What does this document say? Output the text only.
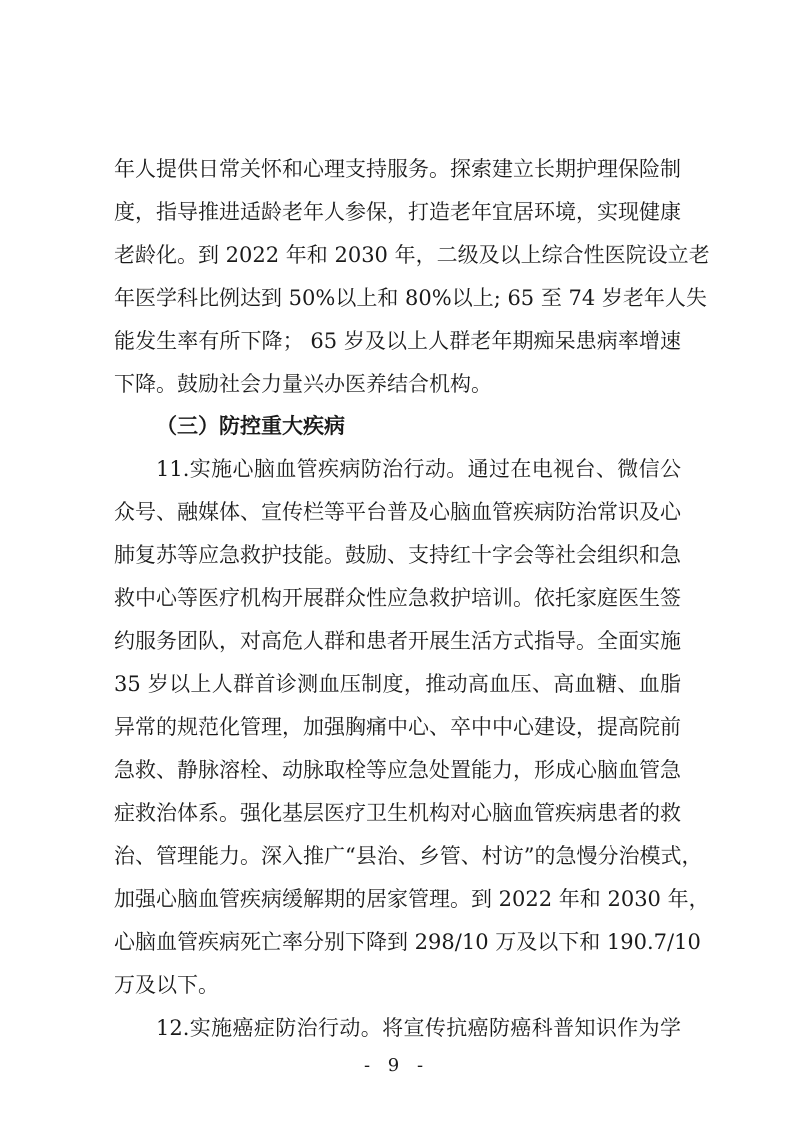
年人提供日常关怀和心理支持服务。探索建立长期护理保险制
度，指导推进适龄老年人参保，打造老年宜居环境，实现健康
老龄化。到 2022 年和 2030 年，二级及以上综合性医院设立老
年医学科比例达到 50%以上和 80%以上; 65 至 74 岁老年人失
能发生率有所下降； 65 岁及以上人群老年期痴呆患病率增速
下降。鼓励社会力量兴办医养结合机构。
（三）防控重大疾病
11.实施心脑血管疾病防治行动。通过在电视台、微信公
众号、融媒体、宣传栏等平台普及心脑血管疾病防治常识及心
肺复苏等应急救护技能。鼓励、支持红十字会等社会组织和急
救中心等医疗机构开展群众性应急救护培训。依托家庭医生签
约服务团队，对高危人群和患者开展生活方式指导。全面实施
35 岁以上人群首诊测血压制度，推动高血压、高血糖、血脂
异常的规范化管理，加强胸痛中心、卒中中心建设，提高院前
急救、静脉溶栓、动脉取栓等应急处置能力，形成心脑血管急
症救治体系。强化基层医疗卫生机构对心脑血管疾病患者的救
治、管理能力。深入推广“县治、乡管、村访”的急慢分治模式，
加强心脑血管疾病缓解期的居家管理。到 2022 年和 2030 年，
心脑血管疾病死亡率分别下降到 298/10 万及以下和 190.7/10
万及以下。
12.实施癌症防治行动。将宣传抗癌防癌科普知识作为学
- 9 -
